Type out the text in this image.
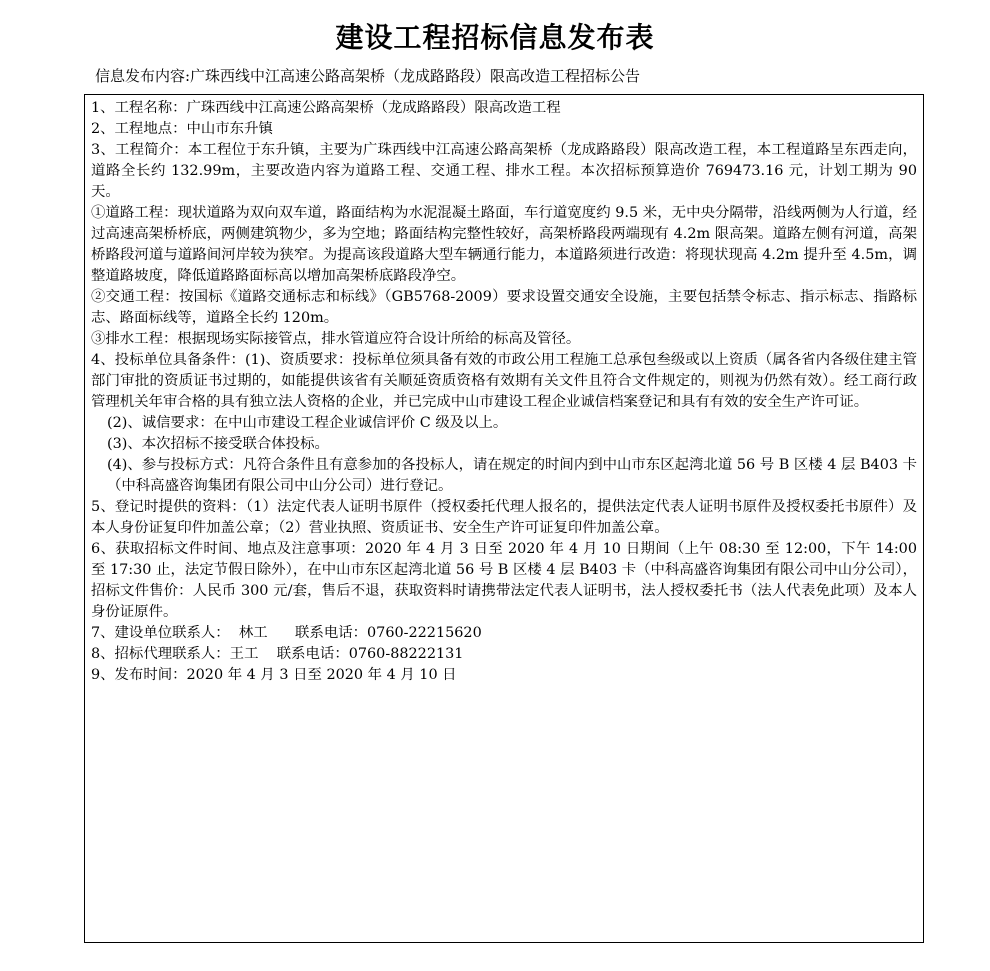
建设工程招标信息发布表
信息发布内容:广珠西线中江高速公路高架桥（龙成路路段）限高改造工程招标公告

1、工程名称：广珠西线中江高速公路高架桥（龙成路路段）限高改造工程

2、工程地点：中山市东升镇

3、工程简介：本工程位于东升镇，主要为广珠西线中江高速公路高架桥（龙成路路段）限高改造工程，本工程道路呈东西走向，道路全长约 132.99m，主要改造内容为道路工程、交通工程、排水工程。本次招标预算造价 769473.16 元，计划工期为 90 天。

①道路工程：现状道路为双向双车道，路面结构为水泥混凝土路面，车行道宽度约 9.5 米，无中央分隔带，沿线两侧为人行道，经过高速高架桥桥底，两侧建筑物少，多为空地；路面结构完整性较好，高架桥路段两端现有 4.2m 限高架。道路左侧有河道，高架桥路段河道与道路间河岸较为狭窄。为提高该段道路大型车辆通行能力，本道路须进行改造：将现状现高 4.2m 提升至 4.5m，调整道路坡度，降低道路路面标高以增加高架桥底路段净空。

②交通工程：按国标《道路交通标志和标线》（GB5768-2009）要求设置交通安全设施，主要包括禁令标志、指示标志、指路标志、路面标线等，道路全长约 120m。

③排水工程：根据现场实际接管点，排水管道应符合设计所给的标高及管径。

4、投标单位具备条件：(1)、资质要求：投标单位须具备有效的市政公用工程施工总承包叁级或以上资质（属各省内各级住建主管部门审批的资质证书过期的，如能提供该省有关顺延资质资格有效期有关文件且符合文件规定的，则视为仍然有效）。经工商行政管理机关年审合格的具有独立法人资格的企业，并已完成中山市建设工程企业诚信档案登记和具有有效的安全生产许可证。

(2)、诚信要求：在中山市建设工程企业诚信评价 C 级及以上。

(3)、本次招标不接受联合体投标。

(4)、参与投标方式：凡符合条件且有意参加的各投标人，请在规定的时间内到中山市东区起湾北道 56 号 B 区楼 4 层 B403 卡（中科高盛咨询集团有限公司中山分公司）进行登记。

5、登记时提供的资料：（1）法定代表人证明书原件（授权委托代理人报名的，提供法定代表人证明书原件及授权委托书原件）及本人身份证复印件加盖公章；（2）营业执照、资质证书、安全生产许可证复印件加盖公章。

6、获取招标文件时间、地点及注意事项：2020 年 4 月 3 日至 2020 年 4 月 10 日期间（上午 08:30 至 12:00，下午 14:00 至 17:30 止，法定节假日除外），在中山市东区起湾北道 56 号 B 区楼 4 层 B403 卡（中科高盛咨询集团有限公司中山分公司），招标文件售价：人民币 300 元/套，售后不退，获取资料时请携带法定代表人证明书，法人授权委托书（法人代表免此项）及本人身份证原件。

7、建设单位联系人：  林工      联系电话：0760-22215620

8、招标代理联系人：王工    联系电话：0760-88222131

9、发布时间：2020 年 4 月 3 日至 2020 年 4 月 10 日
